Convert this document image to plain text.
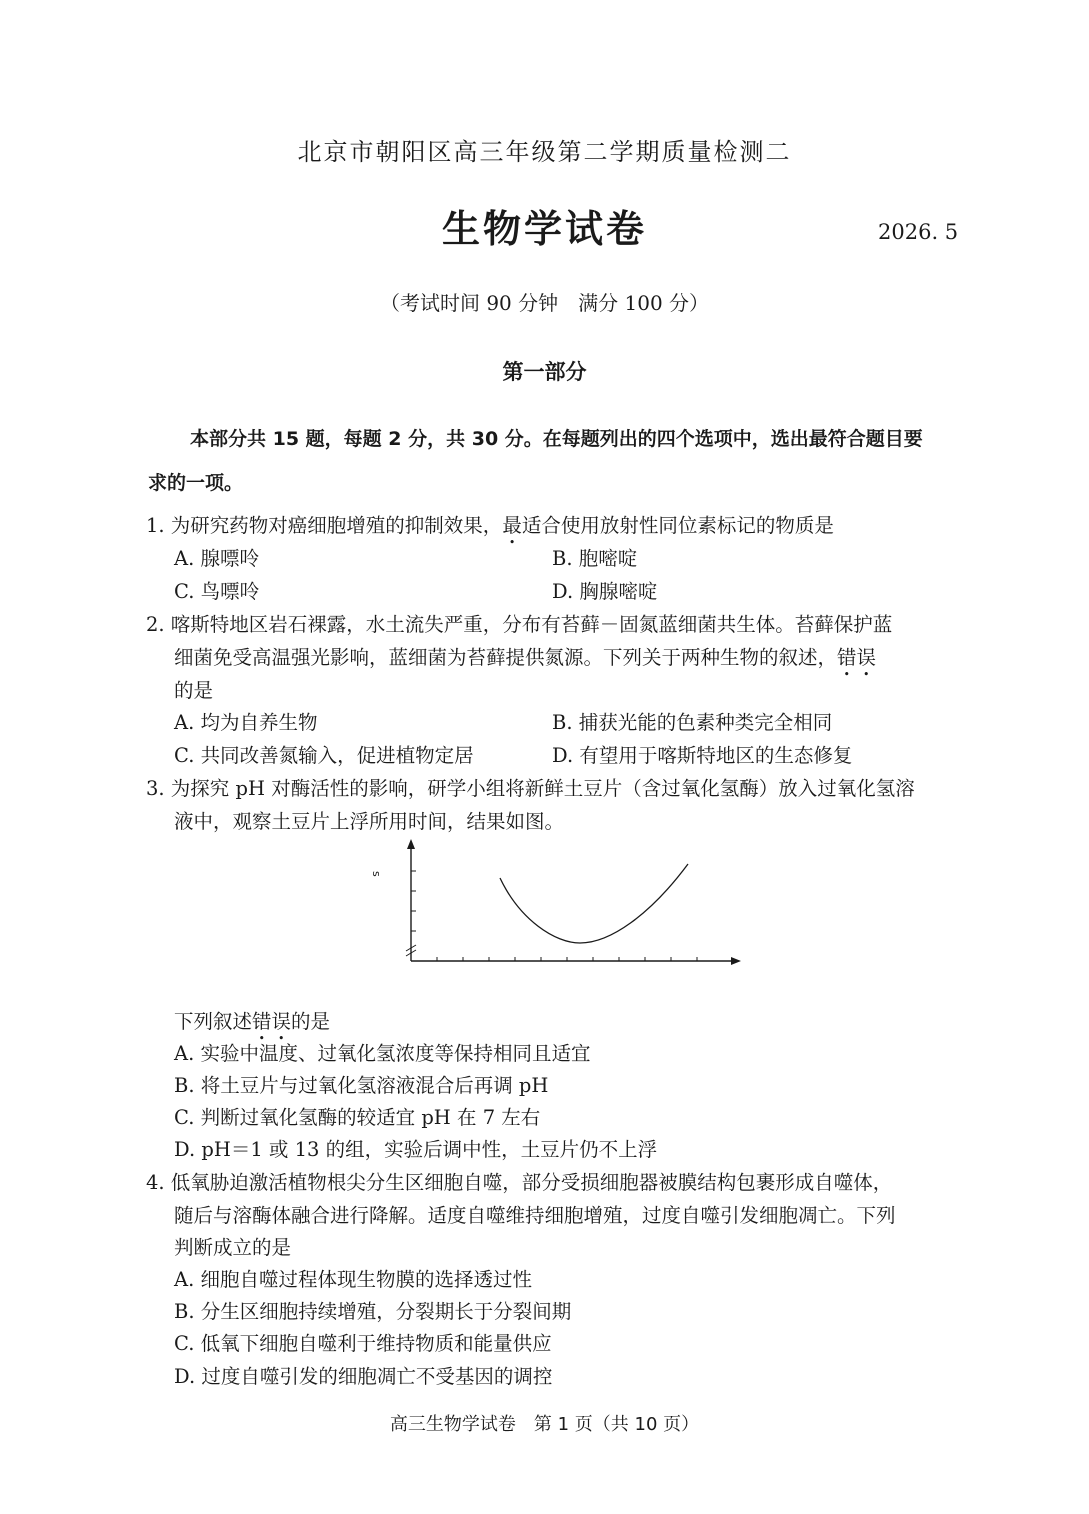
北京市朝阳区高三年级第二学期质量检测二
生物学试卷	2026. 5
（考试时间 90 分钟　满分 100 分）
第一部分
本部分共 15 题，每题 2 分，共 30 分。在每题列出的四个选项中，选出最符合题目要
求的一项。
1. 为研究药物对癌细胞增殖的抑制效果，最适合使用放射性同位素标记的物质是
A. 腺嘌呤	B. 胞嘧啶
C. 鸟嘌呤	D. 胸腺嘧啶
2. 喀斯特地区岩石裸露，水土流失严重，分布有苔藓－固氮蓝细菌共生体。苔藓保护蓝
细菌免受高温强光影响，蓝细菌为苔藓提供氮源。下列关于两种生物的叙述，错误
的是
A. 均为自养生物	B. 捕获光能的色素种类完全相同
C. 共同改善氮输入，促进植物定居	D. 有望用于喀斯特地区的生态修复
3. 为探究 pH 对酶活性的影响，研学小组将新鲜土豆片（含过氧化氢酶）放入过氧化氢溶
液中，观察土豆片上浮所用时间，结果如图。
s
下列叙述错误的是
A. 实验中温度、过氧化氢浓度等保持相同且适宜
B. 将土豆片与过氧化氢溶液混合后再调 pH
C. 判断过氧化氢酶的较适宜 pH 在 7 左右
D. pH＝1 或 13 的组，实验后调中性，土豆片仍不上浮
4. 低氧胁迫激活植物根尖分生区细胞自噬，部分受损细胞器被膜结构包裹形成自噬体，
随后与溶酶体融合进行降解。适度自噬维持细胞增殖，过度自噬引发细胞凋亡。下列
判断成立的是
A. 细胞自噬过程体现生物膜的选择透过性
B. 分生区细胞持续增殖，分裂期长于分裂间期
C. 低氧下细胞自噬利于维持物质和能量供应
D. 过度自噬引发的细胞凋亡不受基因的调控
高三生物学试卷　第 1 页（共 10 页）
